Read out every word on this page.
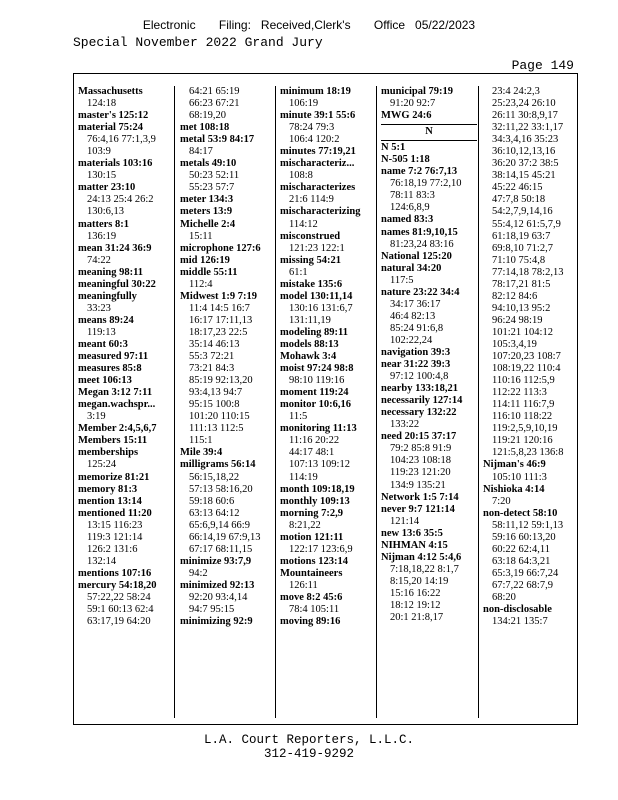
Electronic       Filing:   Received,Clerk's       Office   05/22/2023
Special November 2022 Grand Jury
Page 149
Massachusetts
124:18
master's 125:12
material 75:24
76:4,16 77:1,3,9
103:9
materials 103:16
130:15
matter 23:10
24:13 25:4 26:2
130:6,13
matters 8:1
136:19
mean 31:24 36:9
74:22
meaning 98:11
meaningful 30:22
meaningfully
33:23
means 89:24
119:13
meant 60:3
measured 97:11
measures 85:8
meet 106:13
Megan 3:12 7:11
megan.wachspr...
3:19
Member 2:4,5,6,7
Members 15:11
memberships
125:24
memorize 81:21
memory 81:3
mention 13:14
mentioned 11:20
13:15 116:23
119:3 121:14
126:2 131:6
132:14
mentions 107:16
mercury 54:18,20
57:22,22 58:24
59:1 60:13 62:4
63:17,19 64:20
64:21 65:19
66:23 67:21
68:19,20
met 108:18
metal 53:9 84:17
84:17
metals 49:10
50:23 52:11
55:23 57:7
meter 134:3
meters 13:9
Michelle 2:4
15:11
microphone 127:6
mid 126:19
middle 55:11
112:4
Midwest 1:9 7:19
11:4 14:5 16:7
16:17 17:11,13
18:17,23 22:5
35:14 46:13
55:3 72:21
73:21 84:3
85:19 92:13,20
93:4,13 94:7
95:15 100:8
101:20 110:15
111:13 112:5
115:1
Mile 39:4
milligrams 56:14
56:15,18,22
57:13 58:16,20
59:18 60:6
63:13 64:12
65:6,9,14 66:9
66:14,19 67:9,13
67:17 68:11,15
minimize 93:7,9
94:2
minimized 92:13
92:20 93:4,14
94:7 95:15
minimizing 92:9
minimum 18:19
106:19
minute 39:1 55:6
78:24 79:3
106:4 120:2
minutes 77:19,21
mischaracteriz...
108:8
mischaracterizes
21:6 114:9
mischaracterizing
114:12
misconstrued
121:23 122:1
missing 54:21
61:1
mistake 135:6
model 130:11,14
130:16 131:6,7
131:11,19
modeling 89:11
models 88:13
Mohawk 3:4
moist 97:24 98:8
98:10 119:16
moment 119:24
monitor 10:6,16
11:5
monitoring 11:13
11:16 20:22
44:17 48:1
107:13 109:12
114:19
month 109:18,19
monthly 109:13
morning 7:2,9
8:21,22
motion 121:11
122:17 123:6,9
motions 123:14
Mountaineers
126:11
move 8:2 45:6
78:4 105:11
moving 89:16
municipal 79:19
91:20 92:7
MWG 24:6
N
N 5:1
N-505 1:18
name 7:2 76:7,13
76:18,19 77:2,10
78:11 83:3
124:6,8,9
named 83:3
names 81:9,10,15
81:23,24 83:16
National 125:20
natural 34:20
117:5
nature 23:22 34:4
34:17 36:17
46:4 82:13
85:24 91:6,8
102:22,24
navigation 39:3
near 31:22 39:3
97:12 100:4,8
nearby 133:18,21
necessarily 127:14
necessary 132:22
133:22
need 20:15 37:17
79:2 85:8 91:9
104:23 108:18
119:23 121:20
134:9 135:21
Network 1:5 7:14
never 9:7 121:14
121:14
new 13:6 35:5
NIHMAN 4:15
Nijman 4:12 5:4,6
7:18,18,22 8:1,7
8:15,20 14:19
15:16 16:22
18:12 19:12
20:1 21:8,17
23:4 24:2,3
25:23,24 26:10
26:11 30:8,9,17
32:11,22 33:1,17
34:3,4,16 35:23
36:10,12,13,16
36:20 37:2 38:5
38:14,15 45:21
45:22 46:15
47:7,8 50:18
54:2,7,9,14,16
55:4,12 61:5,7,9
61:18,19 63:7
69:8,10 71:2,7
71:10 75:4,8
77:14,18 78:2,13
78:17,21 81:5
82:12 84:6
94:10,13 95:2
96:24 98:19
101:21 104:12
105:3,4,19
107:20,23 108:7
108:19,22 110:4
110:16 112:5,9
112:22 113:3
114:11 116:7,9
116:10 118:22
119:2,5,9,10,19
119:21 120:16
121:5,8,23 136:8
Nijman's 46:9
105:10 111:3
Nishioka 4:14
7:20
non-detect 58:10
58:11,12 59:1,13
59:16 60:13,20
60:22 62:4,11
63:18 64:3,21
65:3,19 66:7,24
67:7,22 68:7,9
68:20
non-disclosable
134:21 135:7
L.A. Court Reporters, L.L.C.
312-419-9292
